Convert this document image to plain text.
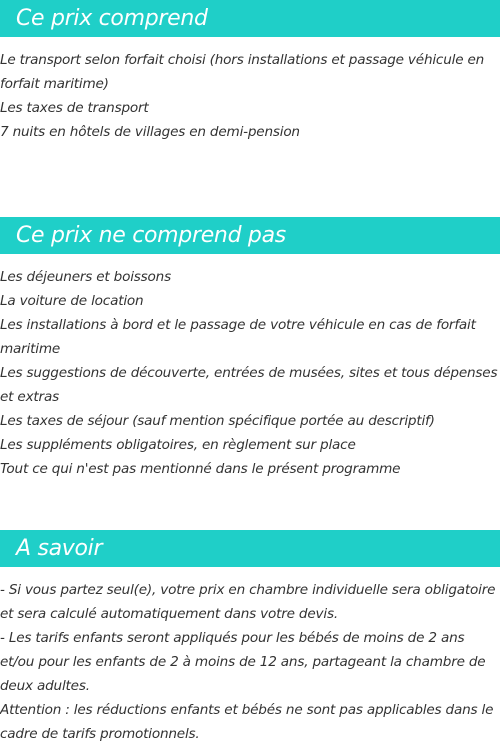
Ce prix comprend

Le transport selon forfait choisi (hors installations et passage véhicule en forfait maritime)

Les taxes de transport

7 nuits en hôtels de villages en demi-pension

Ce prix ne comprend pas

Les déjeuners et boissons

La voiture de location

Les installations à bord et le passage de votre véhicule en cas de forfait maritime

Les suggestions de découverte, entrées de musées, sites et tous dépenses et extras

Les taxes de séjour (sauf mention spécifique portée au descriptif)

Les suppléments obligatoires, en règlement sur place

Tout ce qui n'est pas mentionné dans le présent programme

A savoir

- Si vous partez seul(e), votre prix en chambre individuelle sera obligatoire et sera calculé automatiquement dans votre devis.

- Les tarifs enfants seront appliqués pour les bébés de moins de 2 ans et/ou pour les enfants de 2 à moins de 12 ans, partageant la chambre de deux adultes.

Attention : les réductions enfants et bébés ne sont pas applicables dans le cadre de tarifs promotionnels.
